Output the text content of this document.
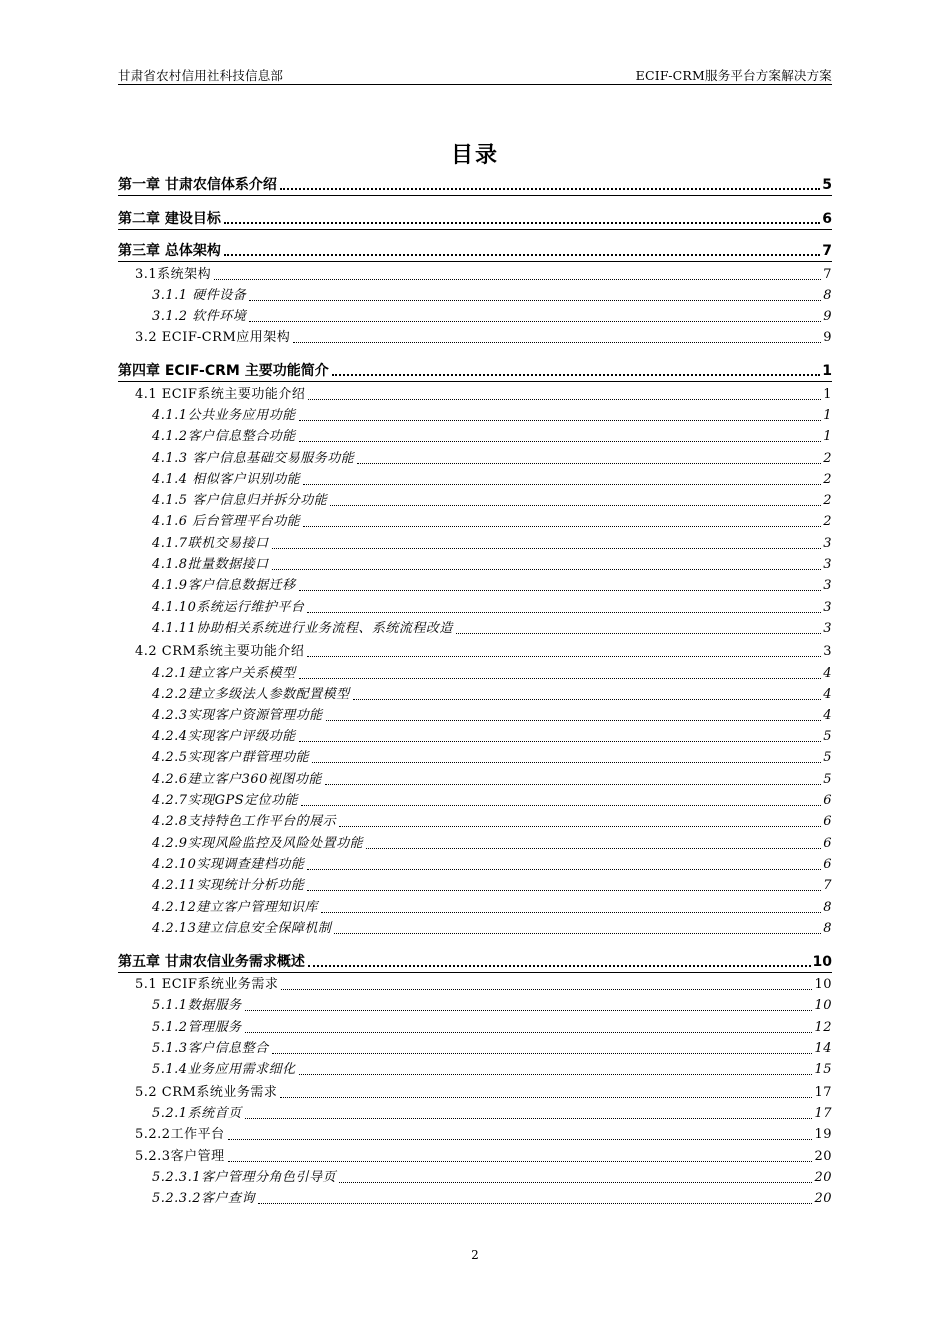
甘肃省农村信用社科技信息部	ECIF-CRM服务平台方案解决方案
目录
第一章 甘肃农信体系介绍	5
第二章 建设目标	6
第三章 总体架构	7
3.1系统架构	7
3.1.1 硬件设备	8
3.1.2 软件环境	9
3.2 ECIF-CRM应用架构	9
第四章 ECIF-CRM 主要功能简介	1
4.1 ECIF系统主要功能介绍	1
4.1.1公共业务应用功能	1
4.1.2客户信息整合功能	1
4.1.3 客户信息基础交易服务功能	2
4.1.4 相似客户识别功能	2
4.1.5 客户信息归并拆分功能	2
4.1.6 后台管理平台功能	2
4.1.7联机交易接口	3
4.1.8批量数据接口	3
4.1.9客户信息数据迁移	3
4.1.10系统运行维护平台	3
4.1.11协助相关系统进行业务流程、系统流程改造	3
4.2 CRM系统主要功能介绍	3
4.2.1建立客户关系模型	4
4.2.2建立多级法人参数配置模型	4
4.2.3实现客户资源管理功能	4
4.2.4实现客户评级功能	5
4.2.5实现客户群管理功能	5
4.2.6建立客户360视图功能	5
4.2.7实现GPS定位功能	6
4.2.8支持特色工作平台的展示	6
4.2.9实现风险监控及风险处置功能	6
4.2.10实现调查建档功能	6
4.2.11实现统计分析功能	7
4.2.12建立客户管理知识库	8
4.2.13建立信息安全保障机制	8
第五章 甘肃农信业务需求概述	10
5.1 ECIF系统业务需求	10
5.1.1数据服务	10
5.1.2管理服务	12
5.1.3客户信息整合	14
5.1.4业务应用需求细化	15
5.2 CRM系统业务需求	17
5.2.1系统首页	17
5.2.2工作平台	19
5.2.3客户管理	20
5.2.3.1客户管理分角色引导页	20
5.2.3.2客户查询	20
2
